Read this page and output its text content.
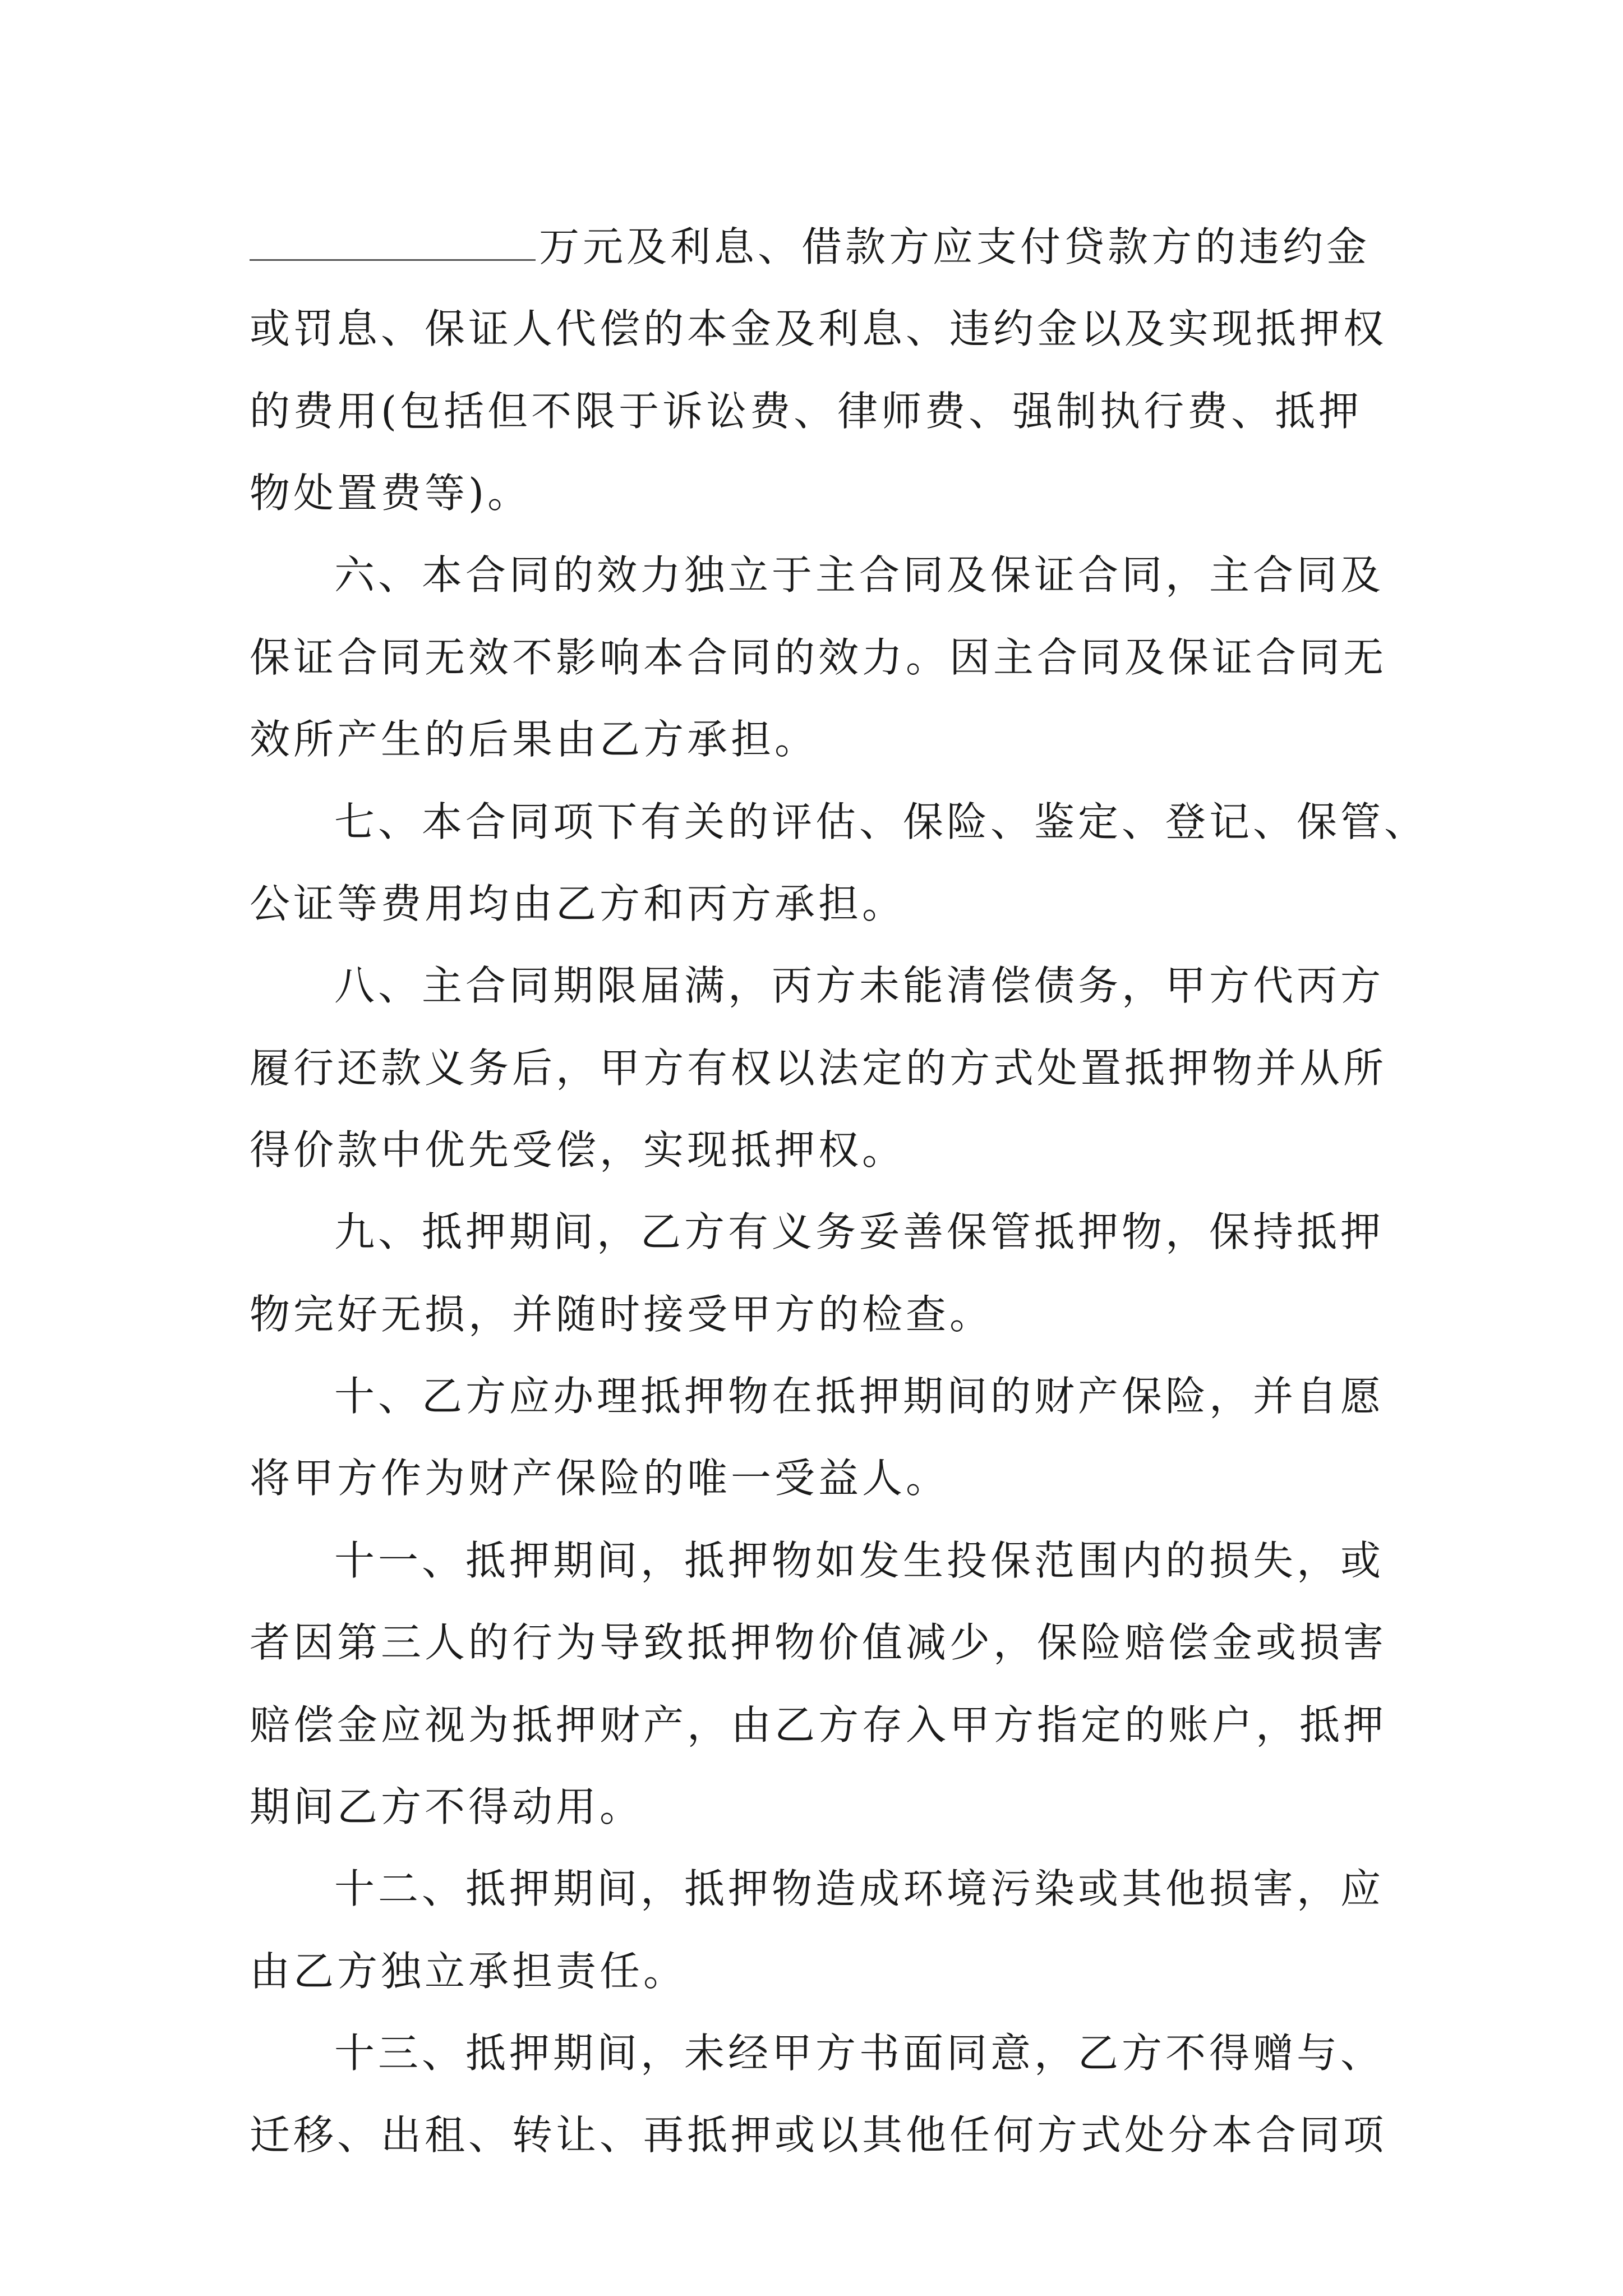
万元及利息、借款方应支付贷款方的违约金
或罚息、保证人代偿的本金及利息、违约金以及实现抵押权
的费用(包括但不限于诉讼费、律师费、强制执行费、抵押
物处置费等)。
六、本合同的效力独立于主合同及保证合同，主合同及
保证合同无效不影响本合同的效力。因主合同及保证合同无
效所产生的后果由乙方承担。
七、本合同项下有关的评估、保险、鉴定、登记、保管、
公证等费用均由乙方和丙方承担。
八、主合同期限届满，丙方未能清偿债务，甲方代丙方
履行还款义务后，甲方有权以法定的方式处置抵押物并从所
得价款中优先受偿，实现抵押权。
九、抵押期间，乙方有义务妥善保管抵押物，保持抵押
物完好无损，并随时接受甲方的检查。
十、乙方应办理抵押物在抵押期间的财产保险，并自愿
将甲方作为财产保险的唯一受益人。
十一、抵押期间，抵押物如发生投保范围内的损失，或
者因第三人的行为导致抵押物价值减少，保险赔偿金或损害
赔偿金应视为抵押财产，由乙方存入甲方指定的账户，抵押
期间乙方不得动用。
十二、抵押期间，抵押物造成环境污染或其他损害，应
由乙方独立承担责任。
十三、抵押期间，未经甲方书面同意，乙方不得赠与、
迁移、出租、转让、再抵押或以其他任何方式处分本合同项
